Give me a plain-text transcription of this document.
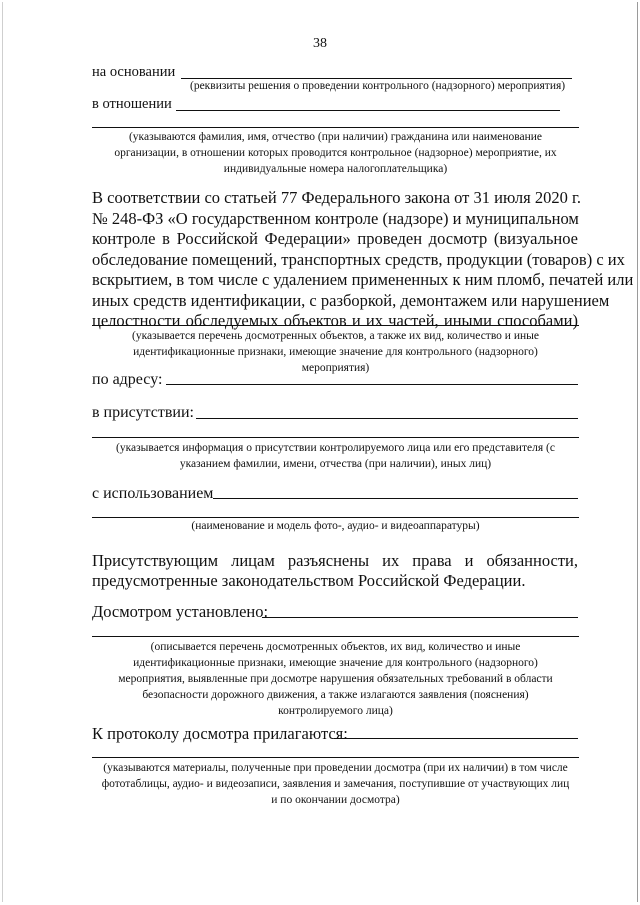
38
на основании
(реквизиты решения о проведении контрольного (надзорного) мероприятия)
в отношении
(указываются фамилия, имя, отчество (при наличии) гражданина или наименование
организации, в отношении которых проводится контрольное (надзорное) мероприятие, их
индивидуальные номера налогоплательщика)
В соответствии со статьей 77 Федерального закона от 31 июля 2020 г.
№ 248-ФЗ «О государственном контроле (надзоре) и муниципальном
контроле в Российской Федерации» проведен досмотр (визуальное
обследование помещений, транспортных средств, продукции (товаров) с их
вскрытием, в том числе с удалением примененных к ним пломб, печатей или
иных средств идентификации, с разборкой, демонтажем или нарушением
целостности обследуемых объектов и их частей, иными способами)
(указывается перечень досмотренных объектов, а также их вид, количество и иные
идентификационные признаки, имеющие значение для контрольного (надзорного)
мероприятия)
по адресу:
в присутствии:
(указывается информация о присутствии контролируемого лица или его представителя (с
указанием фамилии, имени, отчества (при наличии), иных лиц)
с использованием
(наименование и модель фото-, аудио- и видеоаппаратуры)
Присутствующим лицам разъяснены их права и обязанности,
предусмотренные законодательством Российской Федерации.
Досмотром установлено:
(описывается перечень досмотренных объектов, их вид, количество и иные
идентификационные признаки, имеющие значение для контрольного (надзорного)
мероприятия, выявленные при досмотре нарушения обязательных требований в области
безопасности дорожного движения, а также излагаются заявления (пояснения)
контролируемого лица)
К протоколу досмотра прилагаются:
(указываются материалы, полученные при проведении досмотра (при их наличии) в том числе
фототаблицы, аудио- и видеозаписи, заявления и замечания, поступившие от участвующих лиц
и по окончании досмотра)
